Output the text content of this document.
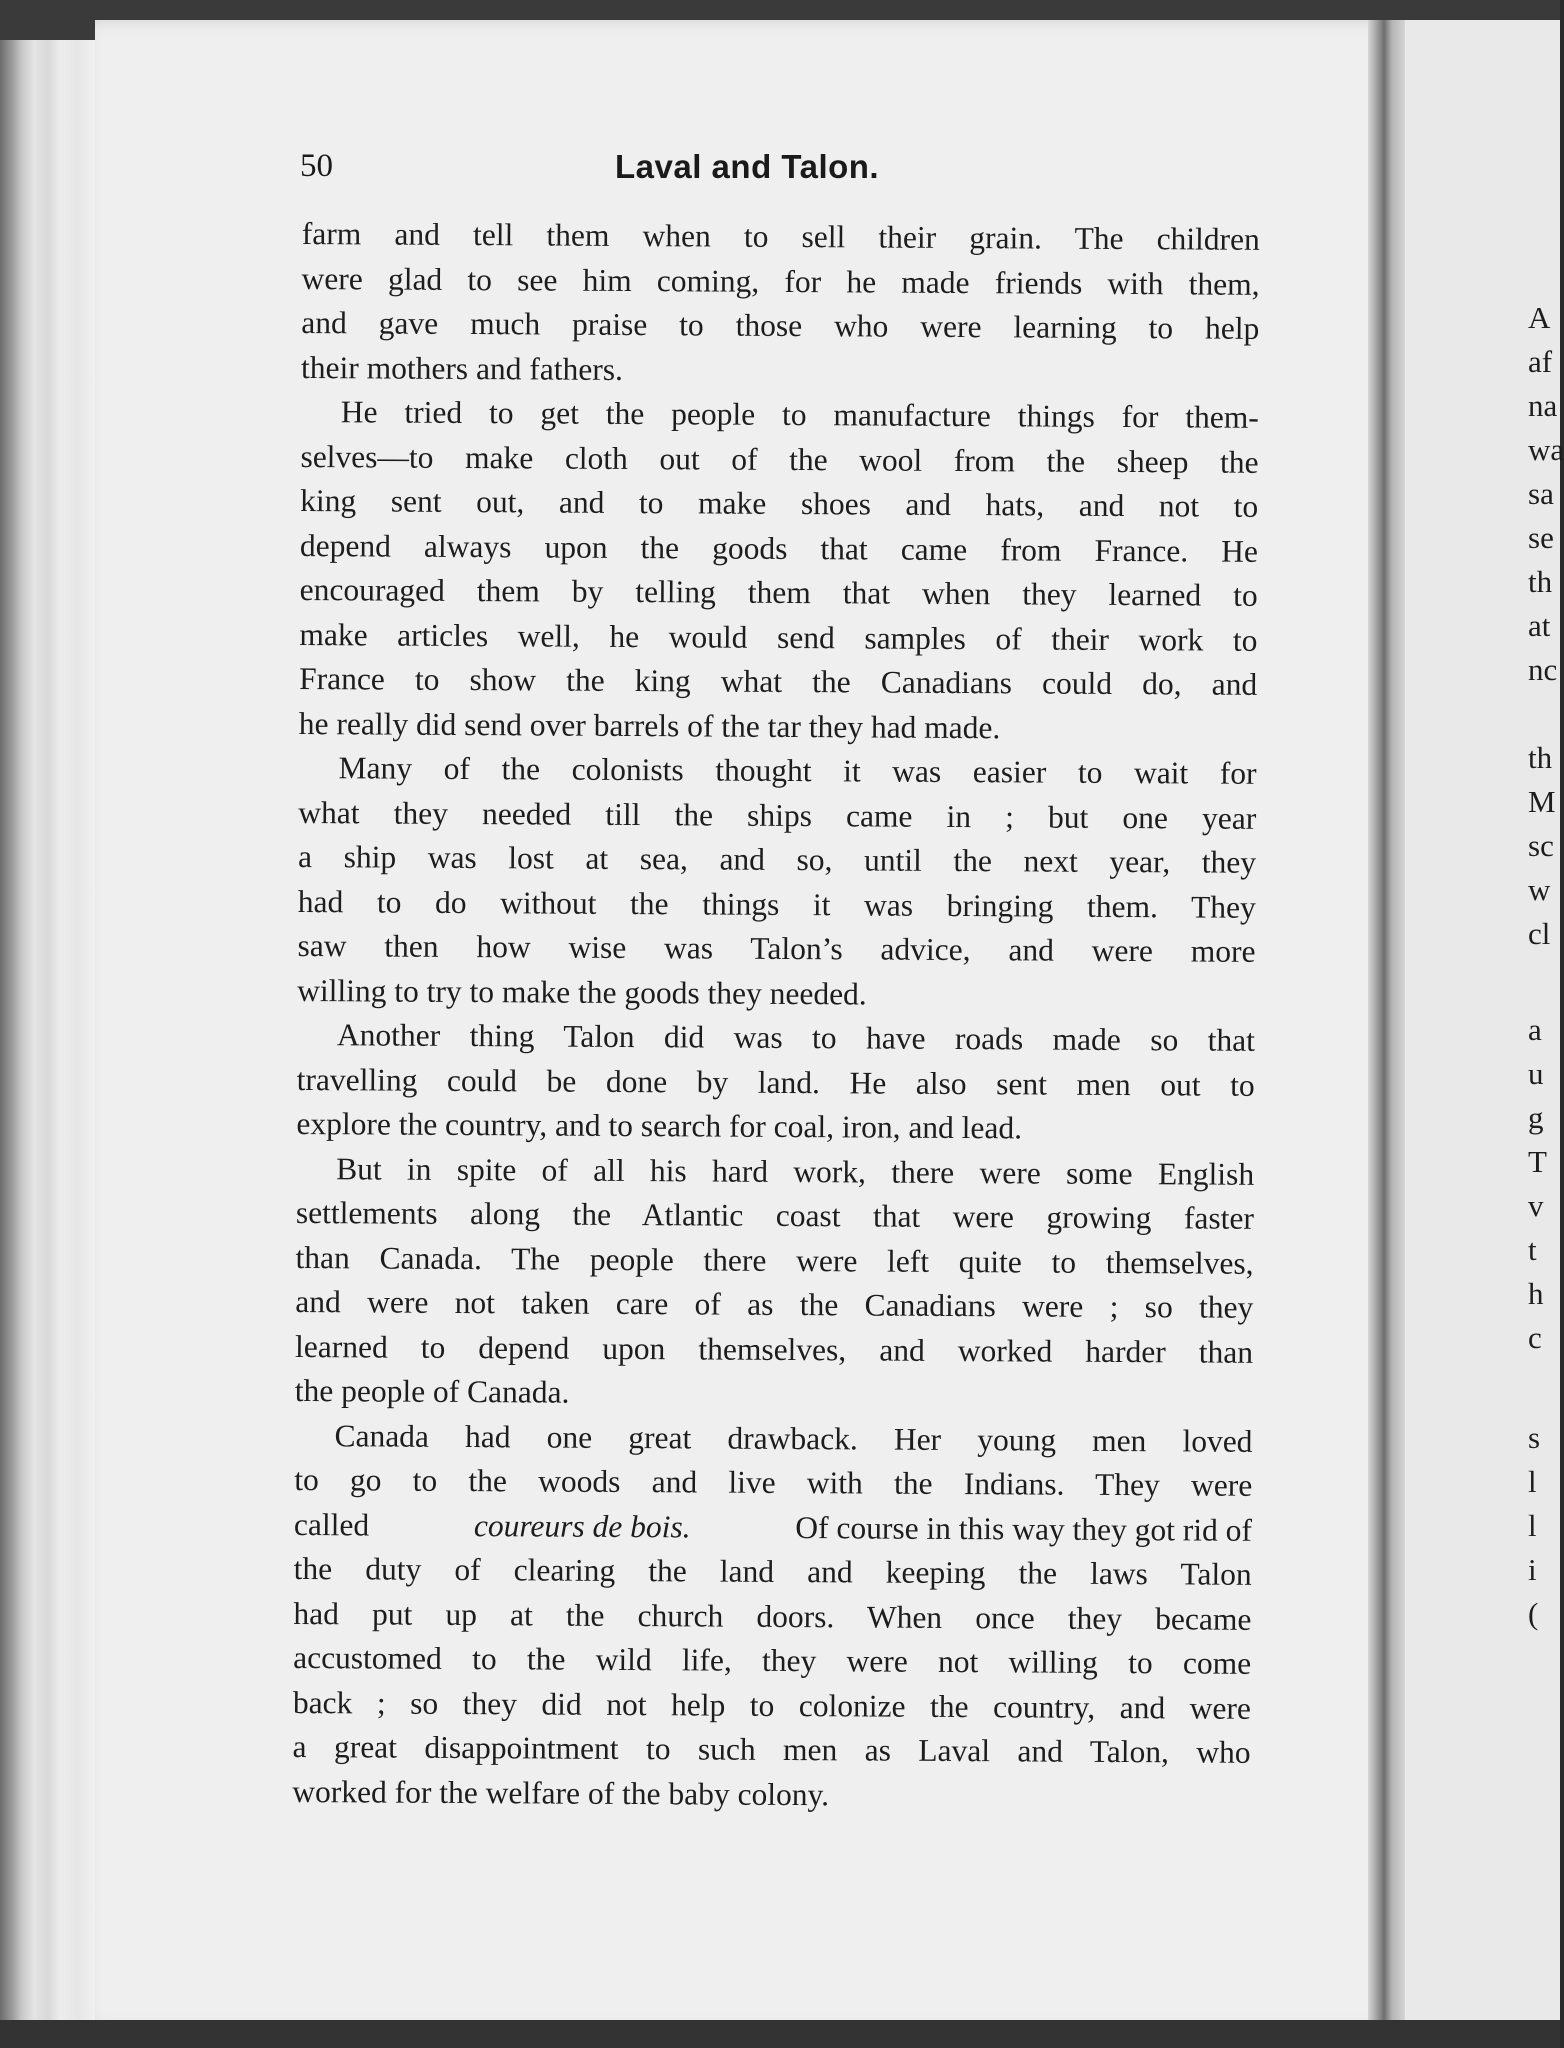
50	Laval and Talon.
farm and tell them when to sell their grain. The children
were glad to see him coming, for he made friends with them,
and gave much praise to those who were learning to help
their mothers and fathers.
He tried to get the people to manufacture things for them-
selves—to make cloth out of the wool from the sheep the
king sent out, and to make shoes and hats, and not to
depend always upon the goods that came from France. He
encouraged them by telling them that when they learned to
make articles well, he would send samples of their work to
France to show the king what the Canadians could do, and
he really did send over barrels of the tar they had made.
Many of the colonists thought it was easier to wait for
what they needed till the ships came in ; but one year
a ship was lost at sea, and so, until the next year, they
had to do without the things it was bringing them. They
saw then how wise was Talon’s advice, and were more
willing to try to make the goods they needed.
Another thing Talon did was to have roads made so that
travelling could be done by land. He also sent men out to
explore the country, and to search for coal, iron, and lead.
But in spite of all his hard work, there were some English
settlements along the Atlantic coast that were growing faster
than Canada. The people there were left quite to themselves,
and were not taken care of as the Canadians were ; so they
learned to depend upon themselves, and worked harder than
the people of Canada.
Canada had one great drawback. Her young men loved
to go to the woods and live with the Indians. They were
called	coureurs de bois.	Of course in this way they got rid of
the duty of clearing the land and keeping the laws Talon
had put up at the church doors. When once they became
accustomed to the wild life, they were not willing to come
back ; so they did not help to colonize the country, and were
a great disappointment to such men as Laval and Talon, who
worked for the welfare of the baby colony.
A
af
na
wa
sa
se
th
at
nc
th
M
sc
w
cl
a
u
g
T
v
t
h
c
s
l
l
i
(
